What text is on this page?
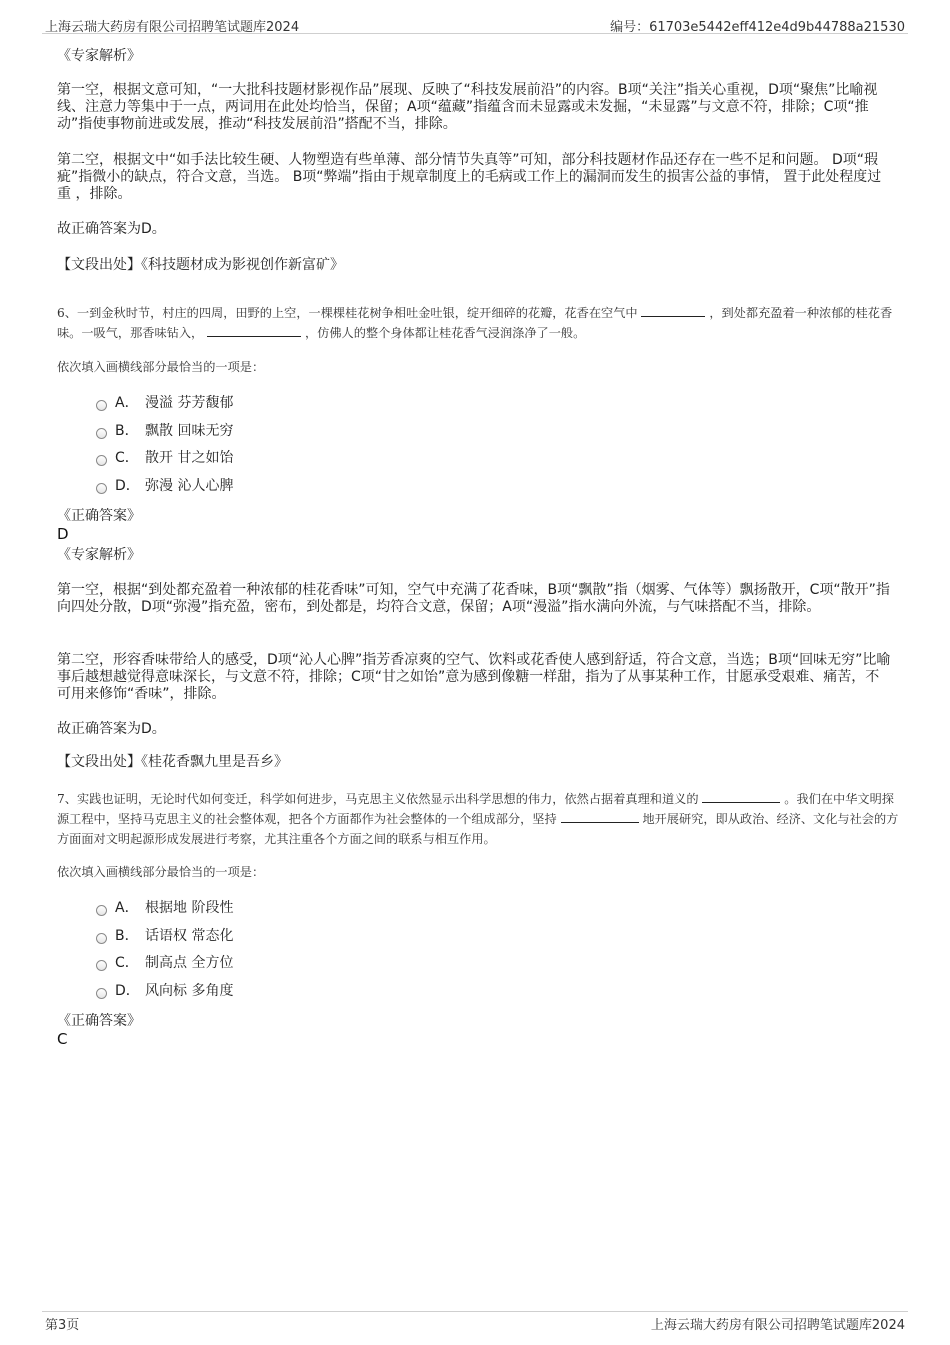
上海云瑞大药房有限公司招聘笔试题库2024	编号：61703e5442eff412e4d9b44788a21530
《专家解析》
第一空，根据文意可知，“一大批科技题材影视作品”展现、反映了“科技发展前沿”的内容。B项“关注”指关心重视，D项“聚焦”比喻视线、注意力等集中于一点，两词用在此处均恰当，保留；A项“蕴藏”指蕴含而未显露或未发掘，“未显露”与文意不符，排除；C项“推动”指使事物前进或发展，推动“科技发展前沿”搭配不当，排除。
第二空，根据文中“如手法比较生硬、人物塑造有些单薄、部分情节失真等”可知，部分科技题材作品还存在一些不足和问题。 D项“瑕疵”指微小的缺点，符合文意，当选。 B项“弊端”指由于规章制度上的毛病或工作上的漏洞而发生的损害公益的事情， 置于此处程度过重 ，排除。
故正确答案为D。
【文段出处】《科技题材成为影视创作新富矿》
6、一到金秋时节，村庄的四周，田野的上空，一棵棵桂花树争相吐金吐银，绽开细碎的花瓣，花香在空气中	，到处都充盈着一种浓郁的桂花香味。一吸气，那香味钻入，	，仿佛人的整个身体都让桂花香气浸润涤净了一般。
依次填入画横线部分最恰当的一项是：
A． 漫溢 芬芳馥郁
B． 飘散 回味无穷
C． 散开 甘之如饴
D． 弥漫 沁人心脾
《正确答案》
D
《专家解析》
第一空，根据“到处都充盈着一种浓郁的桂花香味”可知，空气中充满了花香味，B项“飘散”指（烟雾、气体等）飘扬散开，C项“散开”指向四处分散，D项“弥漫”指充盈，密布，到处都是，均符合文意，保留；A项“漫溢”指水满向外流，与气味搭配不当，排除。
第二空，形容香味带给人的感受，D项“沁人心脾”指芳香凉爽的空气、饮料或花香使人感到舒适，符合文意，当选；B项“回味无穷”比喻事后越想越觉得意味深长，与文意不符，排除；C项“甘之如饴”意为感到像糖一样甜，指为了从事某种工作，甘愿承受艰难、痛苦，不可用来修饰“香味”，排除。
故正确答案为D。
【文段出处】《桂花香飘九里是吾乡》
7、实践也证明，无论时代如何变迁，科学如何进步，马克思主义依然显示出科学思想的伟力，依然占据着真理和道义的	。我们在中华文明探源工程中，坚持马克思主义的社会整体观，把各个方面都作为社会整体的一个组成部分，坚持	地开展研究，即从政治、经济、文化与社会的方方面面对文明起源形成发展进行考察，尤其注重各个方面之间的联系与相互作用。
依次填入画横线部分最恰当的一项是：
A． 根据地 阶段性
B． 话语权 常态化
C． 制高点 全方位
D． 风向标 多角度
《正确答案》
C
第3页	上海云瑞大药房有限公司招聘笔试题库2024
